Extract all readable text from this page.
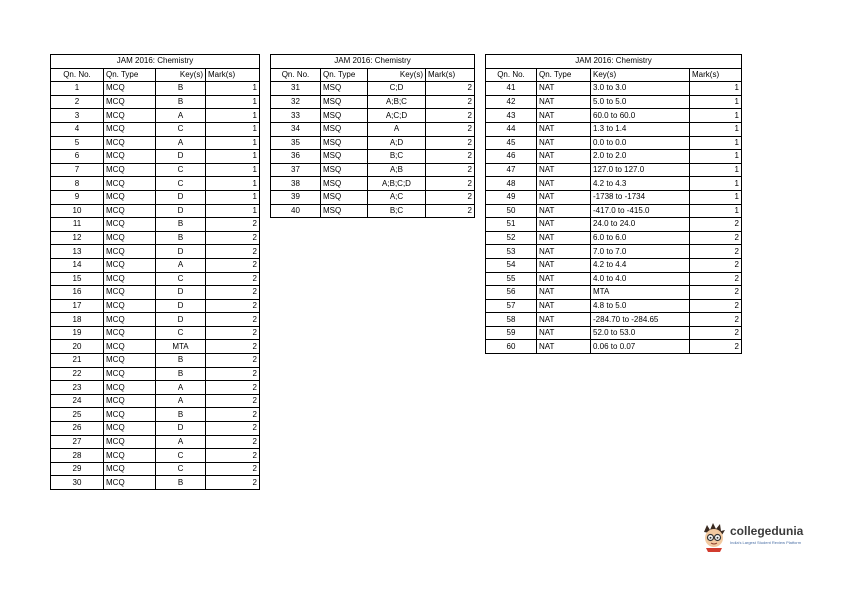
JAM 2016: Chemistry			
Qn. No.	Qn. Type	Key(s)	Mark(s)
1	MCQ	B	1
2	MCQ	B	1
3	MCQ	A	1
4	MCQ	C	1
5	MCQ	A	1
6	MCQ	D	1
7	MCQ	C	1
8	MCQ	C	1
9	MCQ	D	1
10	MCQ	D	1
11	MCQ	B	2
12	MCQ	B	2
13	MCQ	D	2
14	MCQ	A	2
15	MCQ	C	2
16	MCQ	D	2
17	MCQ	D	2
18	MCQ	D	2
19	MCQ	C	2
20	MCQ	MTA	2
21	MCQ	B	2
22	MCQ	B	2
23	MCQ	A	2
24	MCQ	A	2
25	MCQ	B	2
26	MCQ	D	2
27	MCQ	A	2
28	MCQ	C	2
29	MCQ	C	2
30	MCQ	B	2
JAM 2016: Chemistry			
Qn. No.	Qn. Type	Key(s)	Mark(s)
31	MSQ	C;D	2
32	MSQ	A;B;C	2
33	MSQ	A;C;D	2
34	MSQ	A	2
35	MSQ	A;D	2
36	MSQ	B;C	2
37	MSQ	A;B	2
38	MSQ	A;B;C;D	2
39	MSQ	A;C	2
40	MSQ	B;C	2
JAM 2016: Chemistry			
Qn. No.	Qn. Type	Key(s)	Mark(s)
41	NAT	3.0 to 3.0	1
42	NAT	5.0 to 5.0	1
43	NAT	60.0 to 60.0	1
44	NAT	1.3 to 1.4	1
45	NAT	0.0 to 0.0	1
46	NAT	2.0 to 2.0	1
47	NAT	127.0 to 127.0	1
48	NAT	4.2 to 4.3	1
49	NAT	-1738 to -1734	1
50	NAT	-417.0 to -415.0	1
51	NAT	24.0 to 24.0	2
52	NAT	6.0 to 6.0	2
53	NAT	7.0 to 7.0	2
54	NAT	4.2 to 4.4	2
55	NAT	4.0 to 4.0	2
56	NAT	MTA	2
57	NAT	4.8 to 5.0	2
58	NAT	-284.70 to -284.65	2
59	NAT	52.0 to 53.0	2
60	NAT	0.06 to 0.07	2
collegedunia
India's Largest Student Review Platform
